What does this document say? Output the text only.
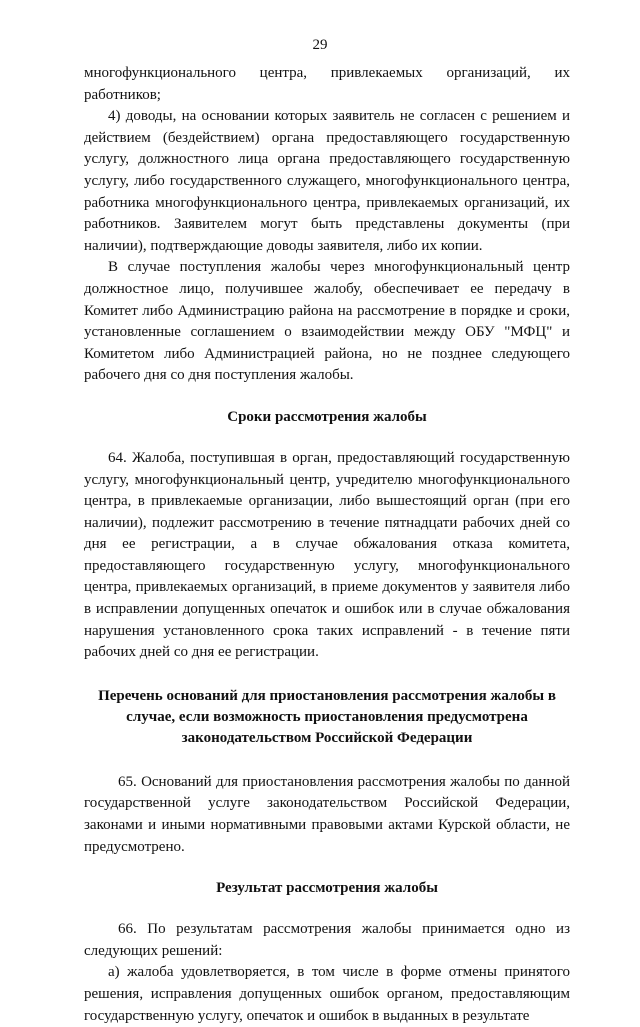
29

многофункционального центра, привлекаемых организаций, их работников;

4) доводы, на основании которых заявитель не согласен с решением и действием (бездействием) органа предоставляющего государственную услугу, должностного лица органа предоставляющего государственную услугу, либо государственного служащего, многофункционального центра, работника многофункционального центра, привлекаемых организаций, их работников. Заявителем могут быть представлены документы (при наличии), подтверждающие доводы заявителя, либо их копии.

В случае поступления жалобы через многофункциональный центр должностное лицо, получившее жалобу, обеспечивает ее передачу в Комитет либо Администрацию района на рассмотрение в порядке и сроки, установленные соглашением о взаимодействии между ОБУ "МФЦ" и Комитетом либо Администрацией района, но не позднее следующего рабочего дня со дня поступления жалобы.

Сроки рассмотрения жалобы

64. Жалоба, поступившая в орган, предоставляющий государственную услугу, многофункциональный центр, учредителю многофункционального центра, в привлекаемые организации, либо вышестоящий орган (при его наличии), подлежит рассмотрению в течение пятнадцати рабочих дней со дня ее регистрации, а в случае обжалования отказа комитета, предоставляющего государственную услугу, многофункционального центра, привлекаемых организаций, в приеме документов у заявителя либо в исправлении допущенных опечаток и ошибок или в случае обжалования нарушения установленного срока таких исправлений - в течение пяти рабочих дней со дня ее регистрации.

Перечень оснований для приостановления рассмотрения жалобы в случае, если возможность приостановления предусмотрена законодательством Российской Федерации

65. Оснований для приостановления рассмотрения жалобы по данной государственной услуге законодательством Российской Федерации, законами и иными нормативными правовыми актами Курской области, не предусмотрено.

Результат рассмотрения жалобы

66. По результатам рассмотрения жалобы принимается одно из следующих решений:

а) жалоба удовлетворяется, в том числе в форме отмены принятого решения, исправления допущенных ошибок органом, предоставляющим государственную услугу, опечаток и ошибок в выданных в результате
